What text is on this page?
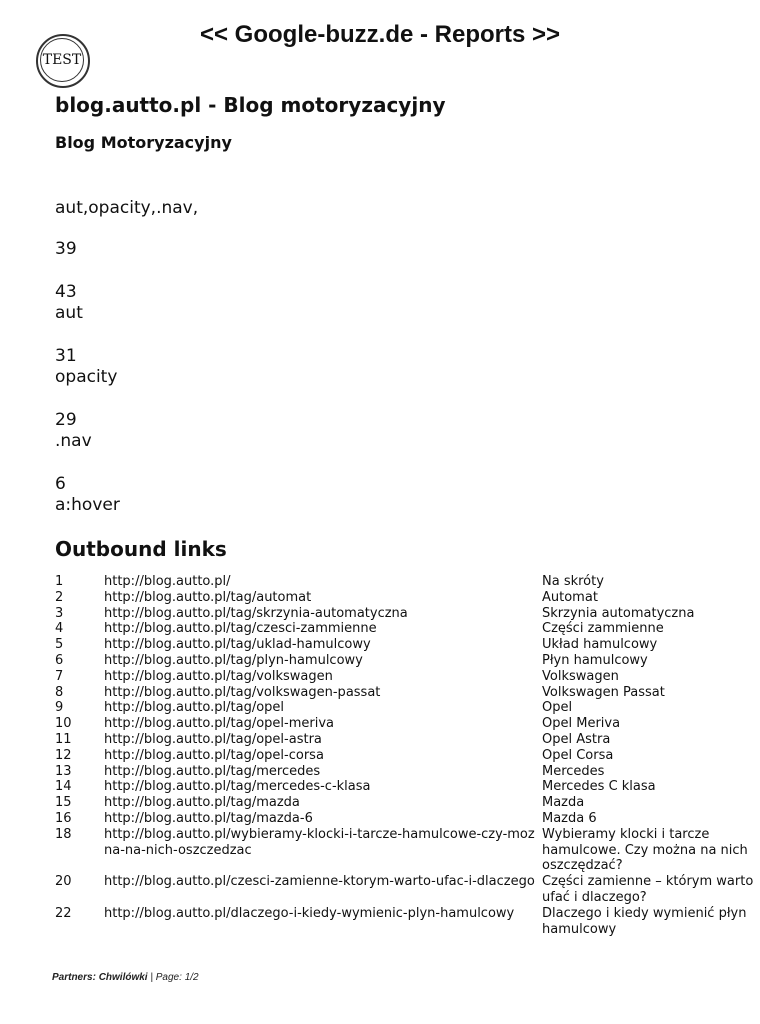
TEST
<< Google-buzz.de - Reports >>
blog.autto.pl - Blog motoryzacyjny
Blog Motoryzacyjny
aut,opacity,.nav,
39
43
aut
31
opacity
29
.nav
6
a:hover
Outbound links
1	http://blog.autto.pl/	Na skróty
2	http://blog.autto.pl/tag/automat	Automat
3	http://blog.autto.pl/tag/skrzynia-automatyczna	Skrzynia automatyczna
4	http://blog.autto.pl/tag/czesci-zammienne	Części zammienne
5	http://blog.autto.pl/tag/uklad-hamulcowy	Układ hamulcowy
6	http://blog.autto.pl/tag/plyn-hamulcowy	Płyn hamulcowy
7	http://blog.autto.pl/tag/volkswagen	Volkswagen
8	http://blog.autto.pl/tag/volkswagen-passat	Volkswagen Passat
9	http://blog.autto.pl/tag/opel	Opel
10	http://blog.autto.pl/tag/opel-meriva	Opel Meriva
11	http://blog.autto.pl/tag/opel-astra	Opel Astra
12	http://blog.autto.pl/tag/opel-corsa	Opel Corsa
13	http://blog.autto.pl/tag/mercedes	Mercedes
14	http://blog.autto.pl/tag/mercedes-c-klasa	Mercedes C klasa
15	http://blog.autto.pl/tag/mazda	Mazda
16	http://blog.autto.pl/tag/mazda-6	Mazda 6
18	http://blog.autto.pl/wybieramy-klocki-i-tarcze-hamulcowe-czy-mozna-na-nich-oszczedzac	Wybieramy klocki i tarcze hamulcowe. Czy można na nich oszczędzać?
20	http://blog.autto.pl/czesci-zamienne-ktorym-warto-ufac-i-dlaczego	Części zamienne – którym warto ufać i dlaczego?
22	http://blog.autto.pl/dlaczego-i-kiedy-wymienic-plyn-hamulcowy	Dlaczego i kiedy wymienić płyn hamulcowy
Partners: Chwilówki | Page: 1/2
